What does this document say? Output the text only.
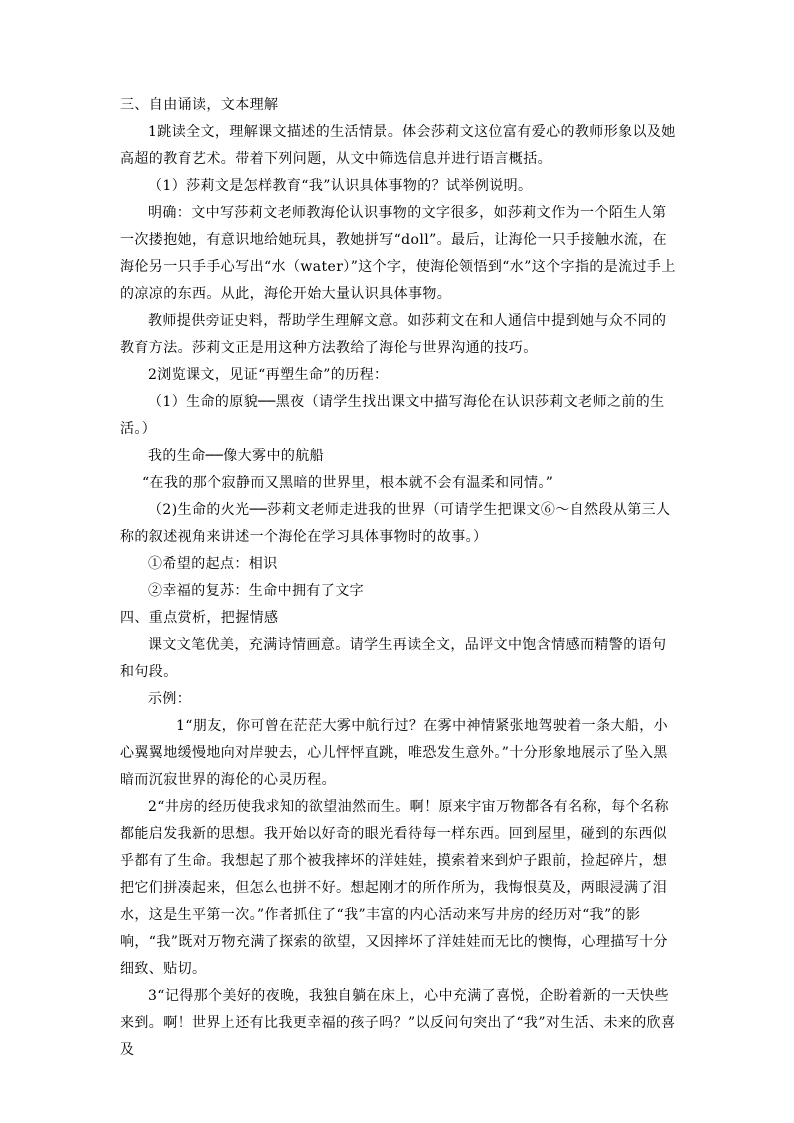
三、自由诵读，文本理解

1跳读全文，理解课文描述的生活情景。体会莎莉文这位富有爱心的教师形象以及她高超的教育艺术。带着下列问题，从文中筛选信息并进行语言概括。

（1）莎莉文是怎样教育“我”认识具体事物的？试举例说明。

明确：文中写莎莉文老师教海伦认识事物的文字很多，如莎莉文作为一个陌生人第一次搂抱她，有意识地给她玩具，教她拼写“doll”。最后，让海伦一只手接触水流，在海伦另一只手手心写出“水（water）”这个字，使海伦领悟到“水”这个字指的是流过手上的凉凉的东西。从此，海伦开始大量认识具体事物。

教师提供旁证史料，帮助学生理解文意。如莎莉文在和人通信中提到她与众不同的教育方法。莎莉文正是用这种方法教给了海伦与世界沟通的技巧。

2浏览课文，见证“再塑生命”的历程：

（1）生命的原貌──黑夜（请学生找出课文中描写海伦在认识莎莉文老师之前的生活。）

我的生命──像大雾中的航船

“在我的那个寂静而又黑暗的世界里，根本就不会有温柔和同情。”

（2)生命的火光──莎莉文老师走进我的世界（可请学生把课文⑥～自然段从第三人称的叙述视角来讲述一个海伦在学习具体事物时的故事。）

①希望的起点：相识

②幸福的复苏：生命中拥有了文字

四、重点赏析，把握情感

课文文笔优美，充满诗情画意。请学生再读全文，品评文中饱含情感而精警的语句和句段。

示例：

1“朋友，你可曾在茫茫大雾中航行过？在雾中神情紧张地驾驶着一条大船，小心翼翼地缓慢地向对岸驶去，心儿怦怦直跳，唯恐发生意外。”十分形象地展示了坠入黑暗而沉寂世界的海伦的心灵历程。

2“井房的经历使我求知的欲望油然而生。啊！原来宇宙万物都各有名称，每个名称都能启发我新的思想。我开始以好奇的眼光看待每一样东西。回到屋里，碰到的东西似乎都有了生命。我想起了那个被我摔坏的洋娃娃，摸索着来到炉子跟前，捡起碎片，想把它们拼凑起来，但怎么也拼不好。想起刚才的所作所为，我悔恨莫及，两眼浸满了泪水，这是生平第一次。”作者抓住了“我”丰富的内心活动来写井房的经历对“我”的影响，“我”既对万物充满了探索的欲望，又因摔坏了洋娃娃而无比的懊悔，心理描写十分细致、贴切。

3“记得那个美好的夜晚，我独自躺在床上，心中充满了喜悦，企盼着新的一天快些来到。啊！世界上还有比我更幸福的孩子吗？”以反问句突出了“我”对生活、未来的欣喜及
